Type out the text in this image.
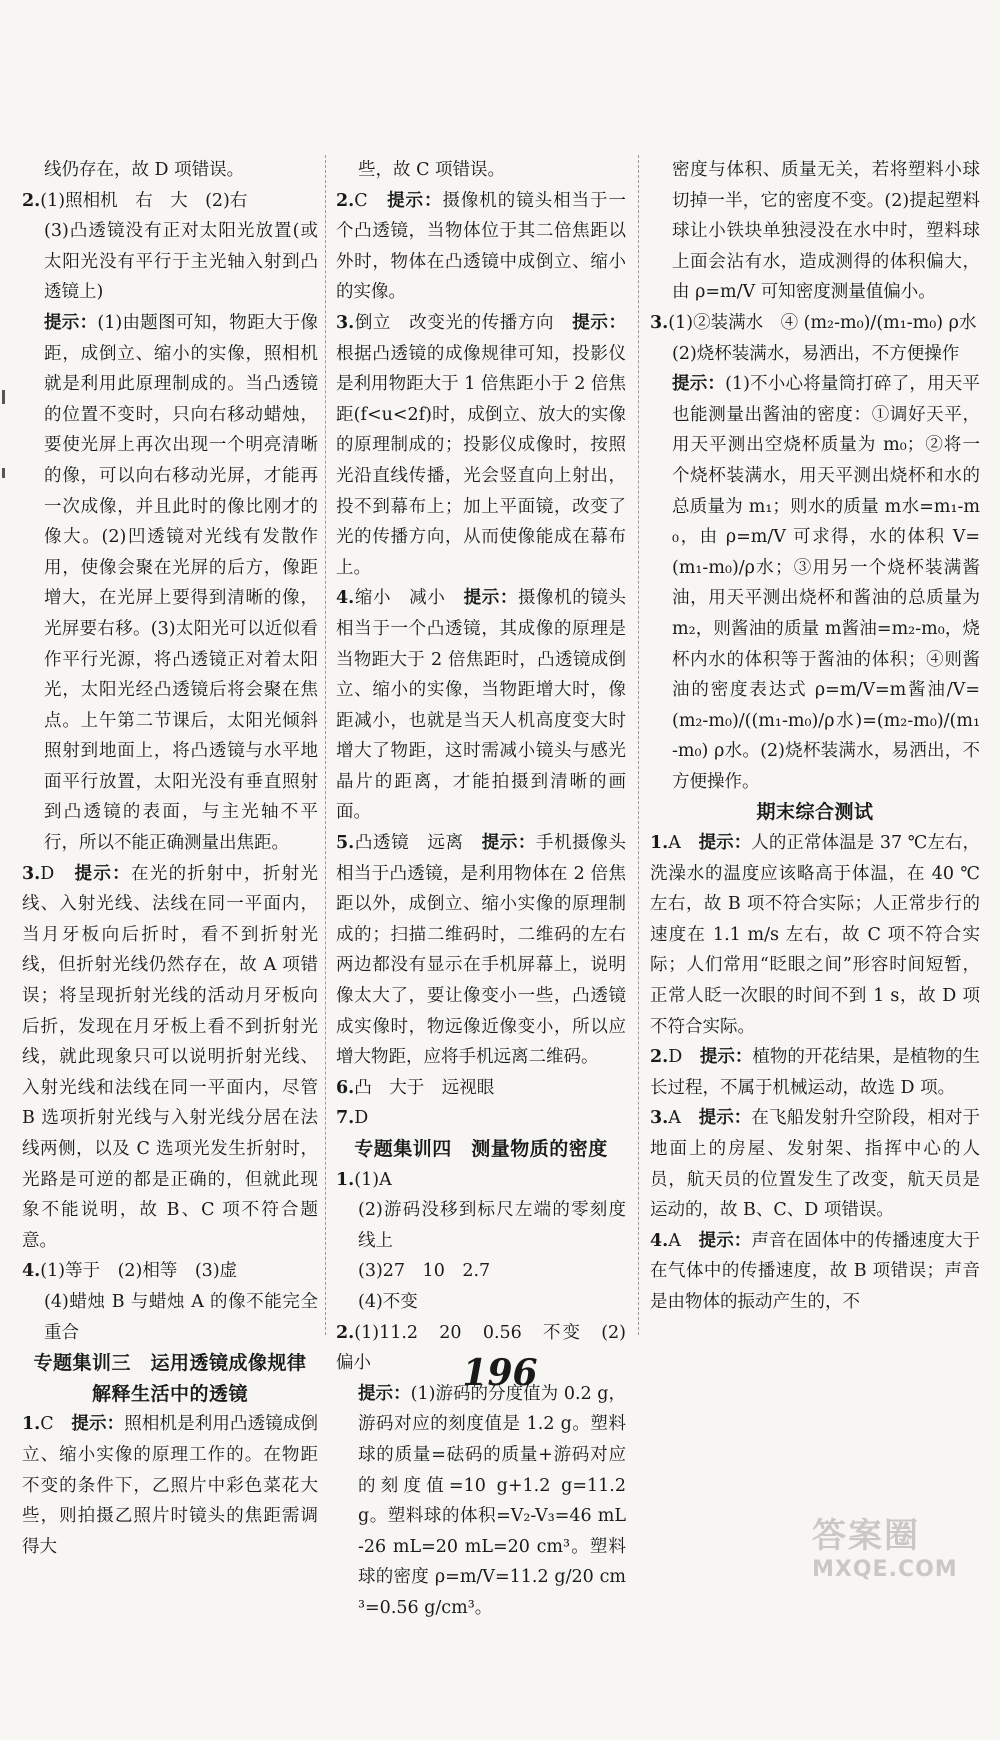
线仍存在，故 D 项错误。

2.(1)照相机　右　大　(2)右

(3)凸透镜没有正对太阳光放置(或太阳光没有平行于主光轴入射到凸透镜上)

提示：(1)由题图可知，物距大于像距，成倒立、缩小的实像，照相机就是利用此原理制成的。当凸透镜的位置不变时，只向右移动蜡烛，要使光屏上再次出现一个明亮清晰的像，可以向右移动光屏，才能再一次成像，并且此时的像比刚才的像大。(2)凹透镜对光线有发散作用，使像会聚在光屏的后方，像距增大，在光屏上要得到清晰的像，光屏要右移。(3)太阳光可以近似看作平行光源，将凸透镜正对着太阳光，太阳光经凸透镜后将会聚在焦点。上午第二节课后，太阳光倾斜照射到地面上，将凸透镜与水平地面平行放置，太阳光没有垂直照射到凸透镜的表面，与主光轴不平行，所以不能正确测量出焦距。

3.D　提示：在光的折射中，折射光线、入射光线、法线在同一平面内，当月牙板向后折时，看不到折射光线，但折射光线仍然存在，故 A 项错误；将呈现折射光线的活动月牙板向后折，发现在月牙板上看不到折射光线，就此现象只可以说明折射光线、入射光线和法线在同一平面内，尽管 B 选项折射光线与入射光线分居在法线两侧，以及 C 选项光发生折射时，光路是可逆的都是正确的，但就此现象不能说明，故 B、C 项不符合题意。

4.(1)等于　(2)相等　(3)虚

(4)蜡烛 B 与蜡烛 A 的像不能完全重合

专题集训三　运用透镜成像规律

解释生活中的透镜

1.C　提示：照相机是利用凸透镜成倒立、缩小实像的原理工作的。在物距不变的条件下，乙照片中彩色菜花大些，则拍摄乙照片时镜头的焦距需调得大

些，故 C 项错误。

2.C　提示：摄像机的镜头相当于一个凸透镜，当物体位于其二倍焦距以外时，物体在凸透镜中成倒立、缩小的实像。

3.倒立　改变光的传播方向　提示：根据凸透镜的成像规律可知，投影仪是利用物距大于 1 倍焦距小于 2 倍焦距(f<u<2f)时，成倒立、放大的实像的原理制成的；投影仪成像时，按照光沿直线传播，光会竖直向上射出，投不到幕布上；加上平面镜，改变了光的传播方向，从而使像能成在幕布上。

4.缩小　减小　提示：摄像机的镜头相当于一个凸透镜，其成像的原理是当物距大于 2 倍焦距时，凸透镜成倒立、缩小的实像，当物距增大时，像距减小，也就是当天人机高度变大时增大了物距，这时需减小镜头与感光晶片的距离，才能拍摄到清晰的画面。

5.凸透镜　远离　提示：手机摄像头相当于凸透镜，是利用物体在 2 倍焦距以外，成倒立、缩小实像的原理制成的；扫描二维码时，二维码的左右两边都没有显示在手机屏幕上，说明像太大了，要让像变小一些，凸透镜成实像时，物远像近像变小，所以应增大物距，应将手机远离二维码。

6.凸　大于　远视眼

7.D

专题集训四　测量物质的密度

1.(1)A

(2)游码没移到标尺左端的零刻度线上

(3)27　10　2.7

(4)不变

2.(1)11.2　20　0.56　不变　(2)偏小

提示：(1)游码的分度值为 0.2 g，游码对应的刻度值是 1.2 g。塑料球的质量=砝码的质量+游码对应的刻度值=10 g+1.2 g=11.2 g。塑料球的体积=V₂-V₃=46 mL-26 mL=20 mL=20 cm³。塑料球的密度 ρ=m/V=11.2 g/20 cm³=0.56 g/cm³。

密度与体积、质量无关，若将塑料小球切掉一半，它的密度不变。(2)提起塑料球让小铁块单独浸没在水中时，塑料球上面会沾有水，造成测得的体积偏大，由 ρ=m/V 可知密度测量值偏小。

3.(1)②装满水　④ (m₂-m₀)/(m₁-m₀) ρ水

(2)烧杯装满水，易洒出，不方便操作

提示：(1)不小心将量筒打碎了，用天平也能测量出酱油的密度：①调好天平，用天平测出空烧杯质量为 m₀；②将一个烧杯装满水，用天平测出烧杯和水的总质量为 m₁；则水的质量 m水=m₁-m₀，由 ρ=m/V 可求得，水的体积 V=(m₁-m₀)/ρ水；③用另一个烧杯装满酱油，用天平测出烧杯和酱油的总质量为 m₂，则酱油的质量 m酱油=m₂-m₀，烧杯内水的体积等于酱油的体积；④则酱油的密度表达式 ρ=m/V=m酱油/V=(m₂-m₀)/((m₁-m₀)/ρ水)=(m₂-m₀)/(m₁-m₀) ρ水。(2)烧杯装满水，易洒出，不方便操作。

期末综合测试

1.A　提示：人的正常体温是 37 ℃左右，洗澡水的温度应该略高于体温，在 40 ℃左右，故 B 项不符合实际；人正常步行的速度在 1.1 m/s 左右，故 C 项不符合实际；人们常用“眨眼之间”形容时间短暂，正常人眨一次眼的时间不到 1 s，故 D 项不符合实际。

2.D　提示：植物的开花结果，是植物的生长过程，不属于机械运动，故选 D 项。

3.A　提示：在飞船发射升空阶段，相对于地面上的房屋、发射架、指挥中心的人员，航天员的位置发生了改变，航天员是运动的，故 B、C、D 项错误。

4.A　提示：声音在固体中的传播速度大于在气体中的传播速度，故 B 项错误；声音是由物体的振动产生的，不

196
答案圈
MXQE.COM
